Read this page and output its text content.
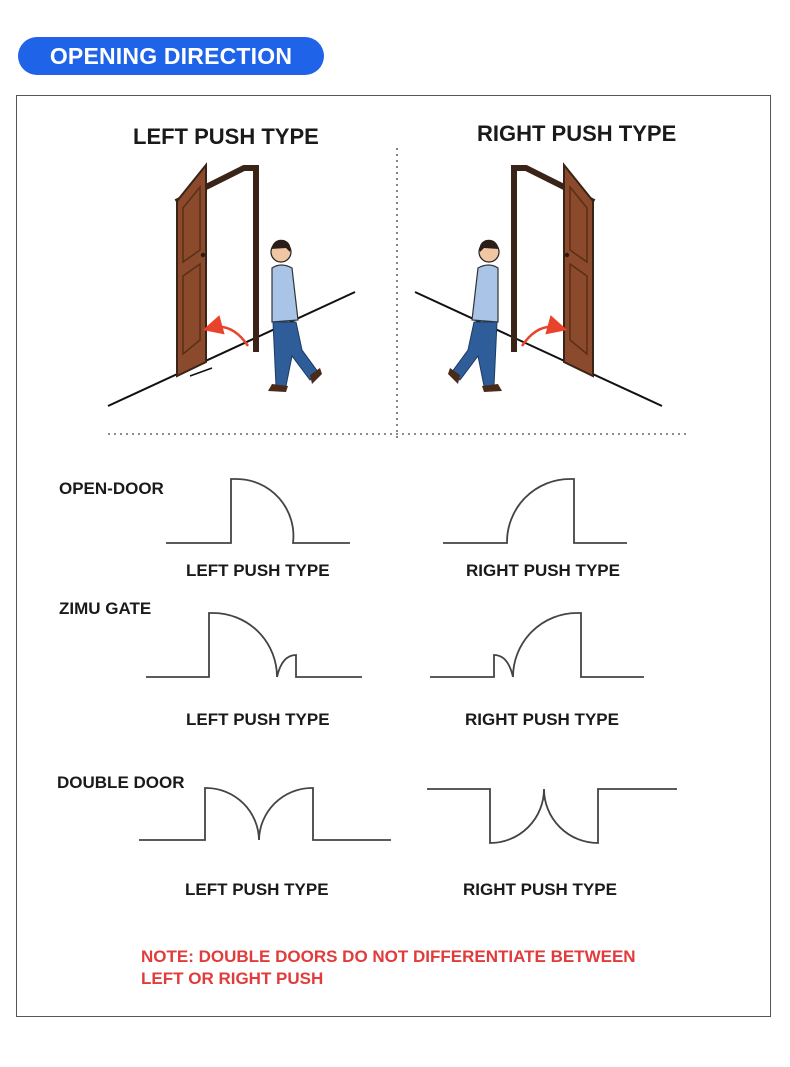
OPENING DIRECTION
LEFT PUSH TYPE	RIGHT PUSH TYPE
OPEN-DOOR
ZIMU GATE
DOUBLE DOOR
LEFT PUSH TYPE	RIGHT PUSH TYPE
LEFT PUSH TYPE	RIGHT PUSH TYPE
LEFT PUSH TYPE	RIGHT PUSH TYPE
NOTE: DOUBLE DOORS DO NOT DIFFERENTIATE BETWEEN
LEFT OR RIGHT PUSH
